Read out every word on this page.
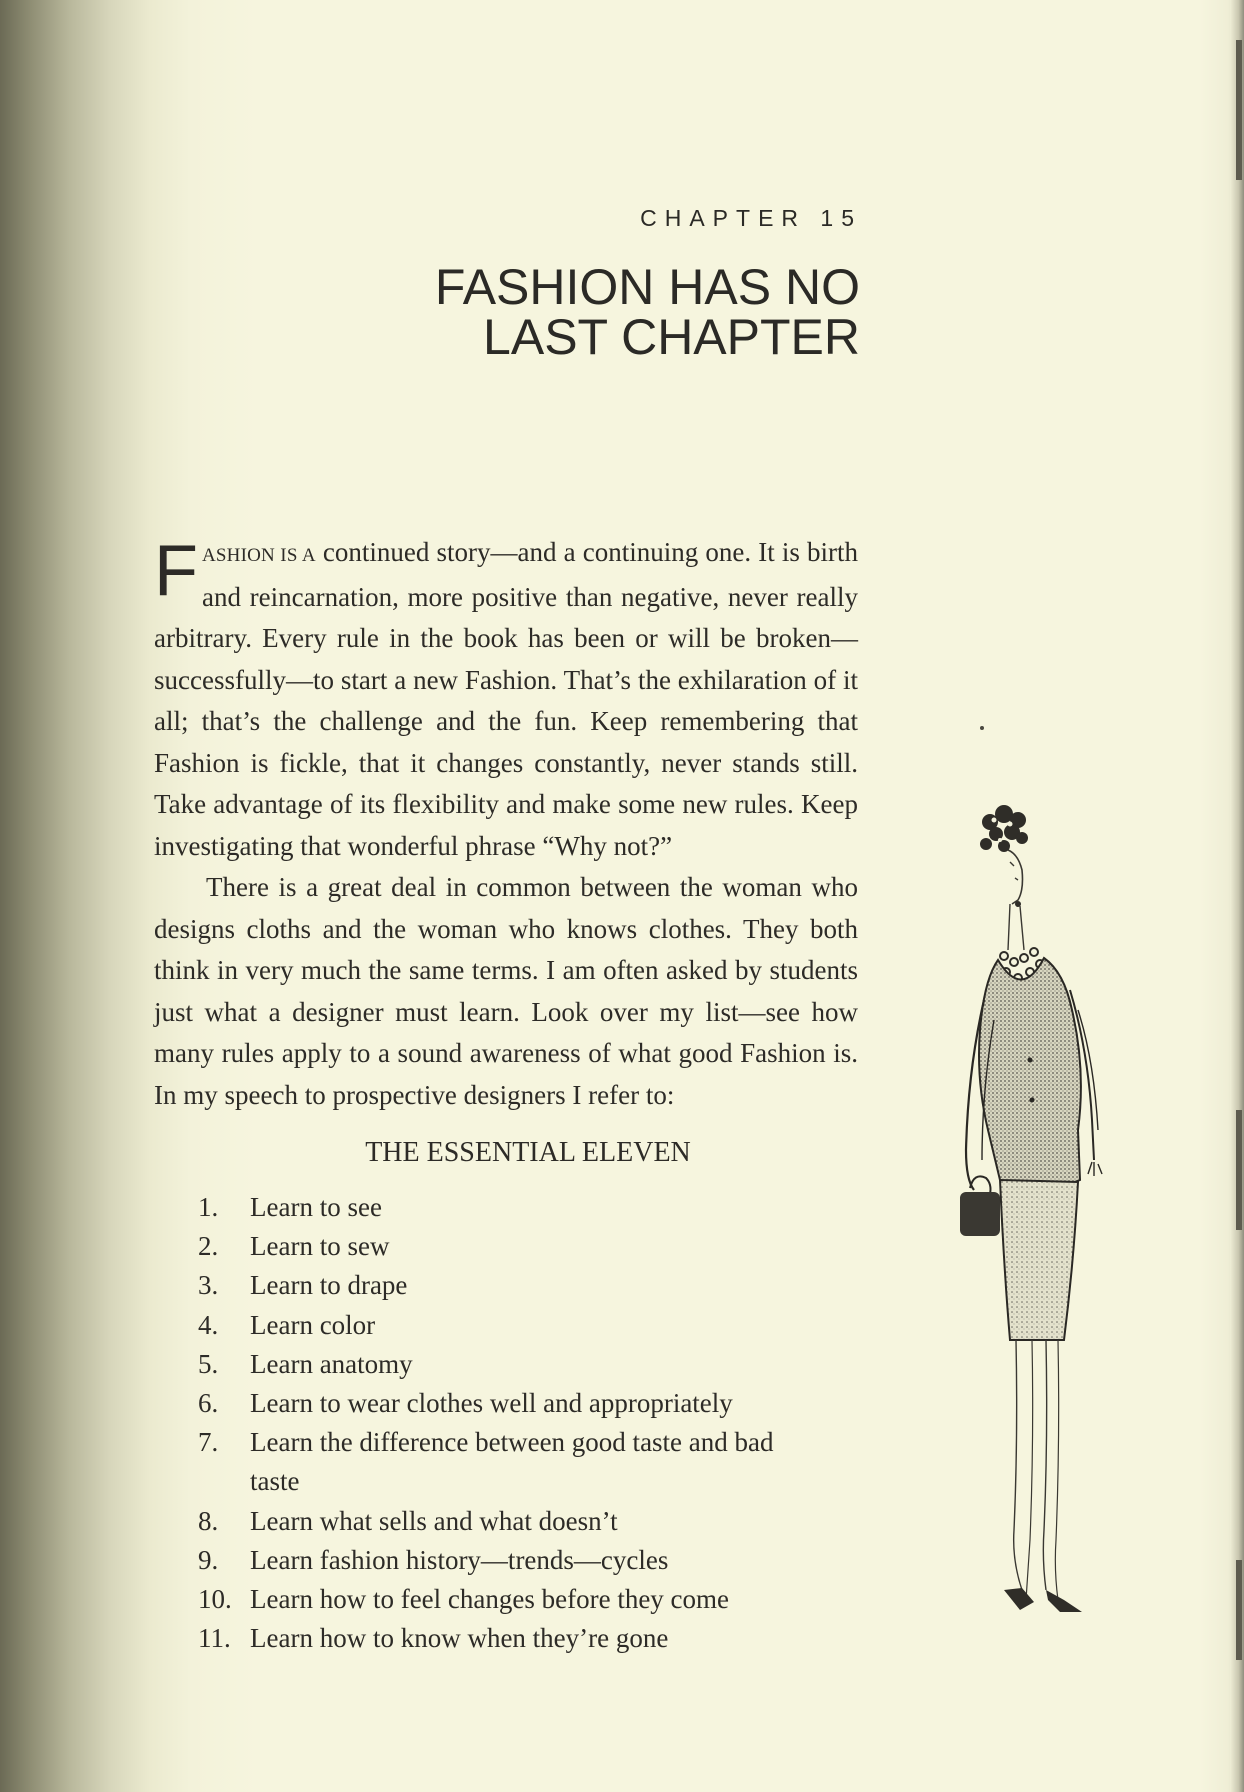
CHAPTER 15
FASHION HAS NO
LAST CHAPTER

FASHION IS A continued story—and a continuing one. It is birth and reincarnation, more positive than negative, never really arbitrary. Every rule in the book has been or will be broken—successfully—to start a new Fashion. That’s the exhilaration of it all; that’s the challenge and the fun. Keep remembering that Fashion is fickle, that it changes constantly, never stands still. Take advantage of its flexibility and make some new rules. Keep investigating that wonderful phrase “Why not?”

There is a great deal in common between the woman who designs cloths and the woman who knows clothes. They both think in very much the same terms. I am often asked by students just what a designer must learn. Look over my list—see how many rules apply to a sound awareness of what good Fashion is. In my speech to prospective designers I refer to:

THE ESSENTIAL ELEVEN
1.	Learn to see
2.	Learn to sew
3.	Learn to drape
4.	Learn color
5.	Learn anatomy
6.	Learn to wear clothes well and appropriately
7.	Learn the difference between good taste and bad taste
8.	Learn what sells and what doesn’t
9.	Learn fashion history—trends—cycles
10. Learn how to feel changes before they come
11. Learn how to know when they’re gone
